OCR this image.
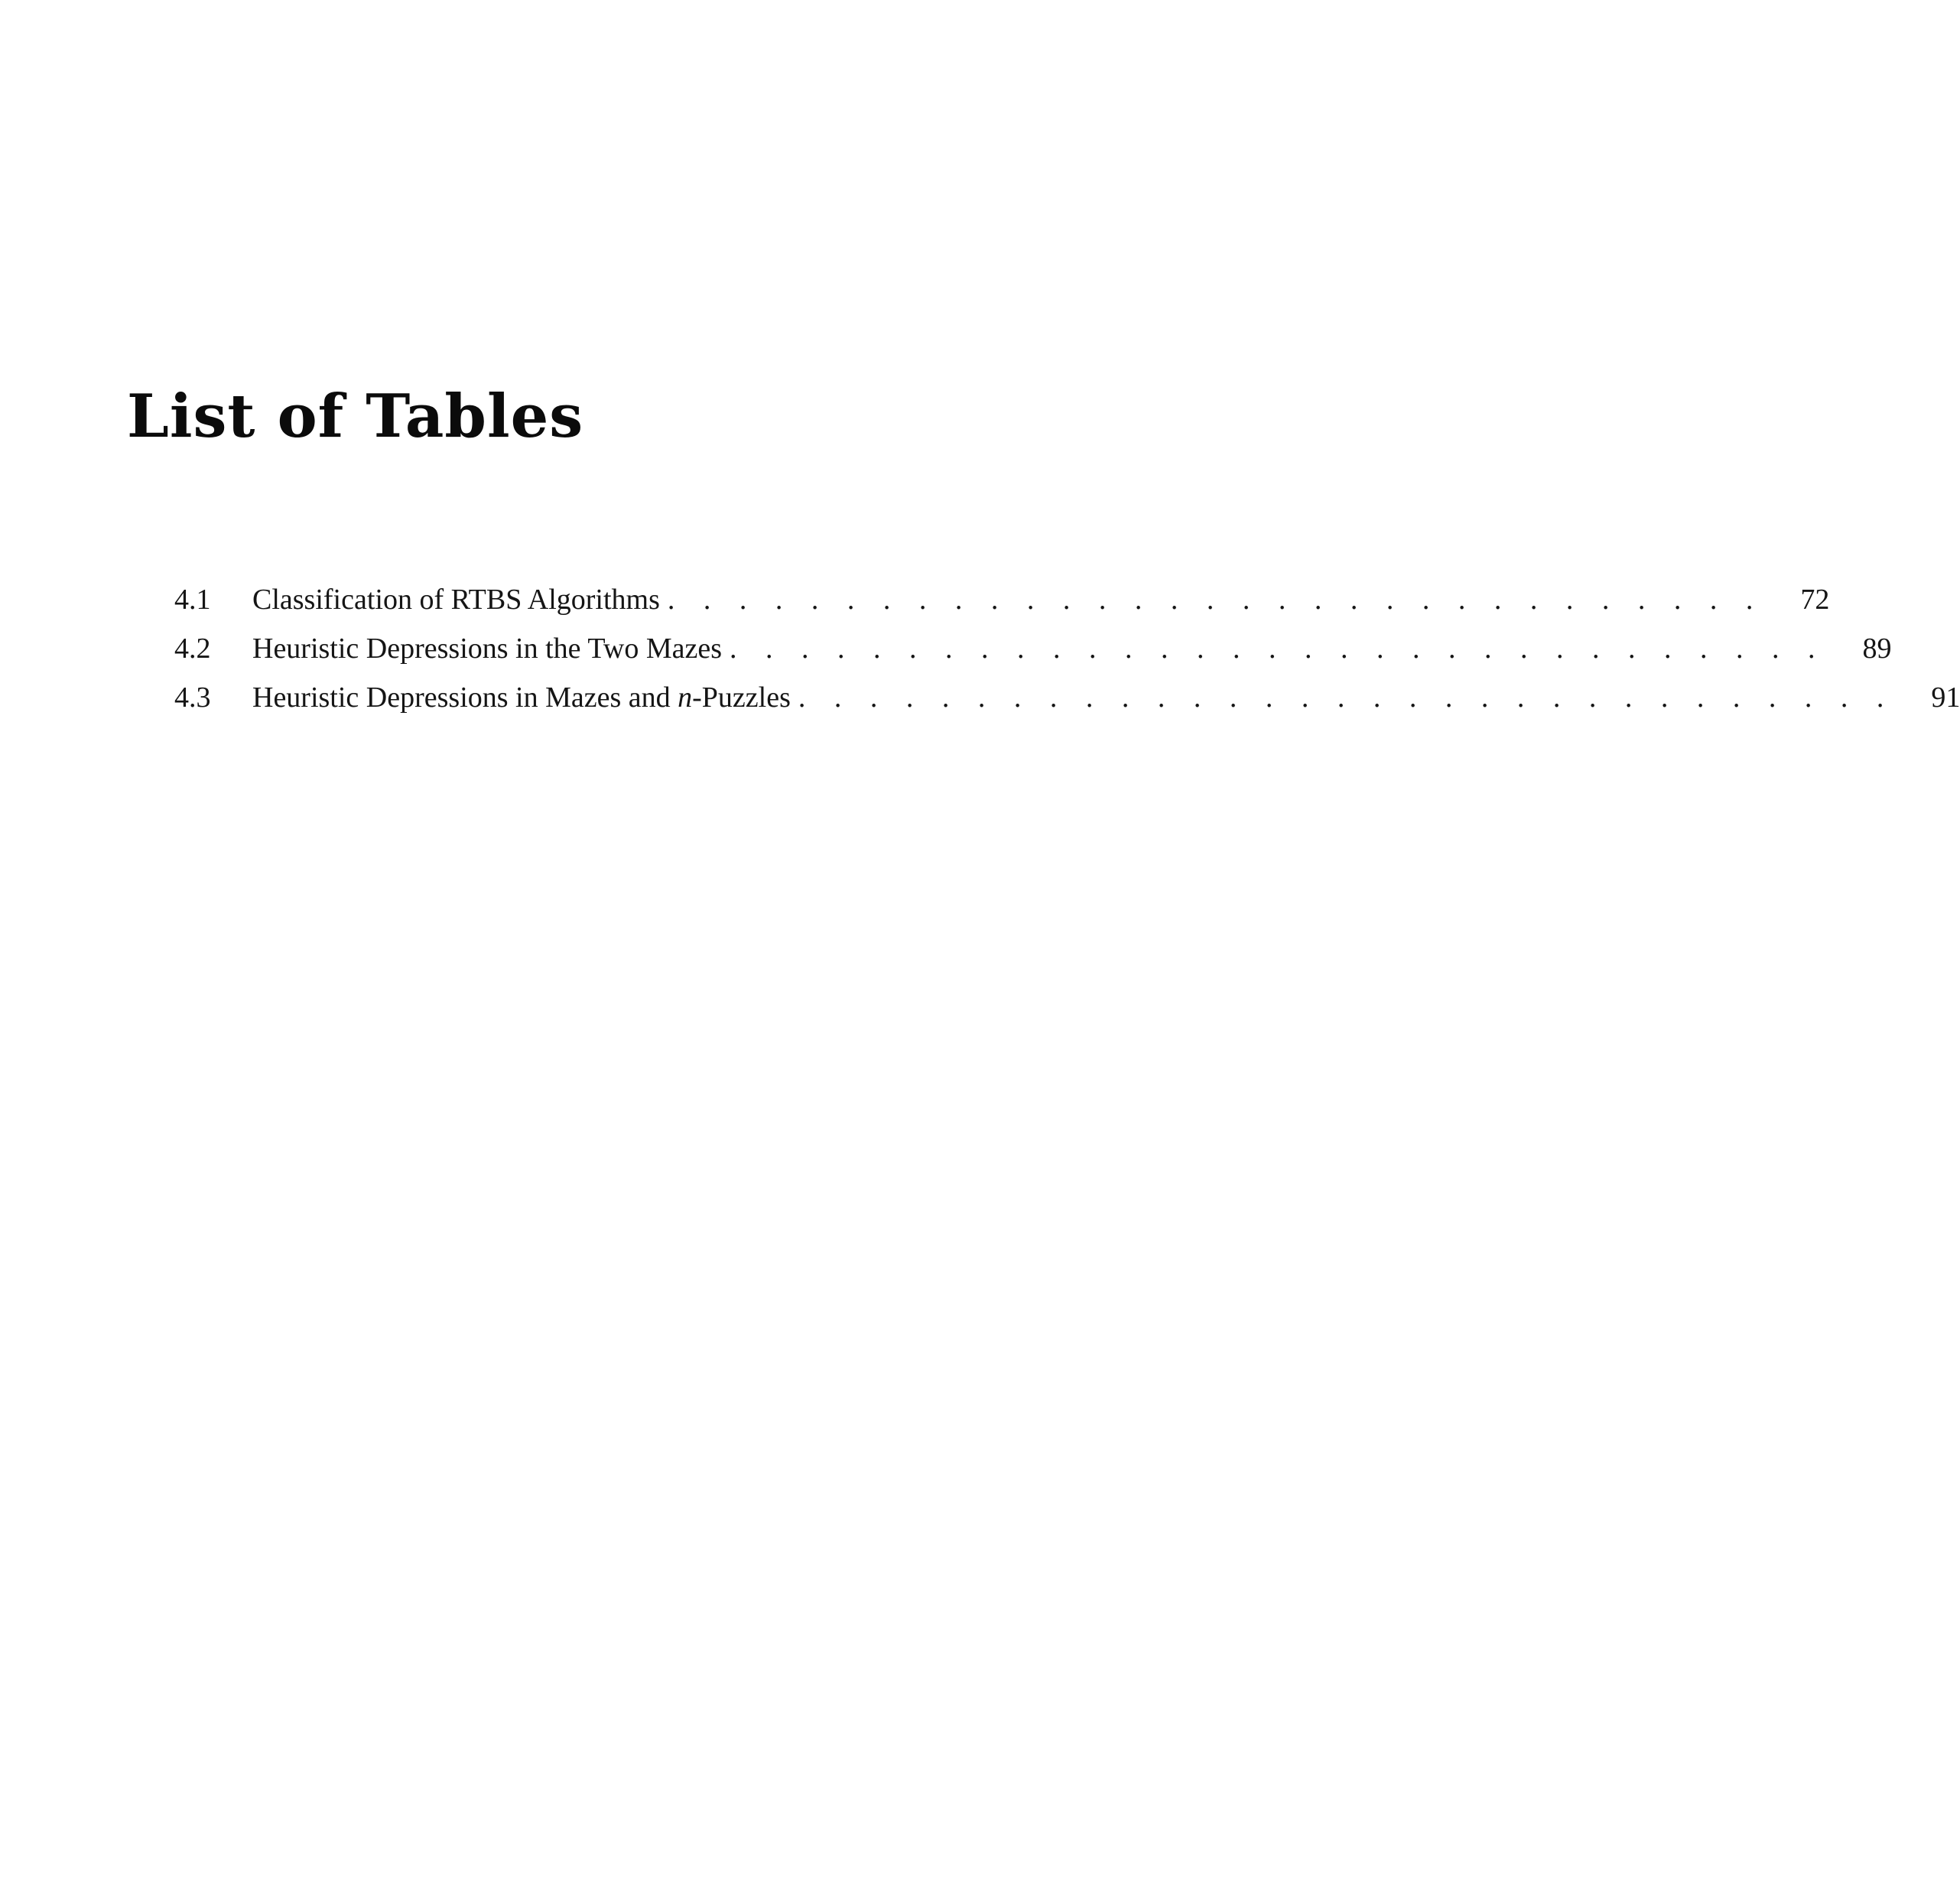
List of Tables
4.1	Classification of RTBS Algorithms . . . . . . . . . . . . . . . . . . . . . . . . . . . . . . . 72
4.2	Heuristic Depressions in the Two Mazes . . . . . . . . . . . . . . . . . . . . . . . . . . . . . . . 89
4.3	Heuristic Depressions in Mazes and n-Puzzles . . . . . . . . . . . . . . . . . . . . . . . . . . . . . . . 91
